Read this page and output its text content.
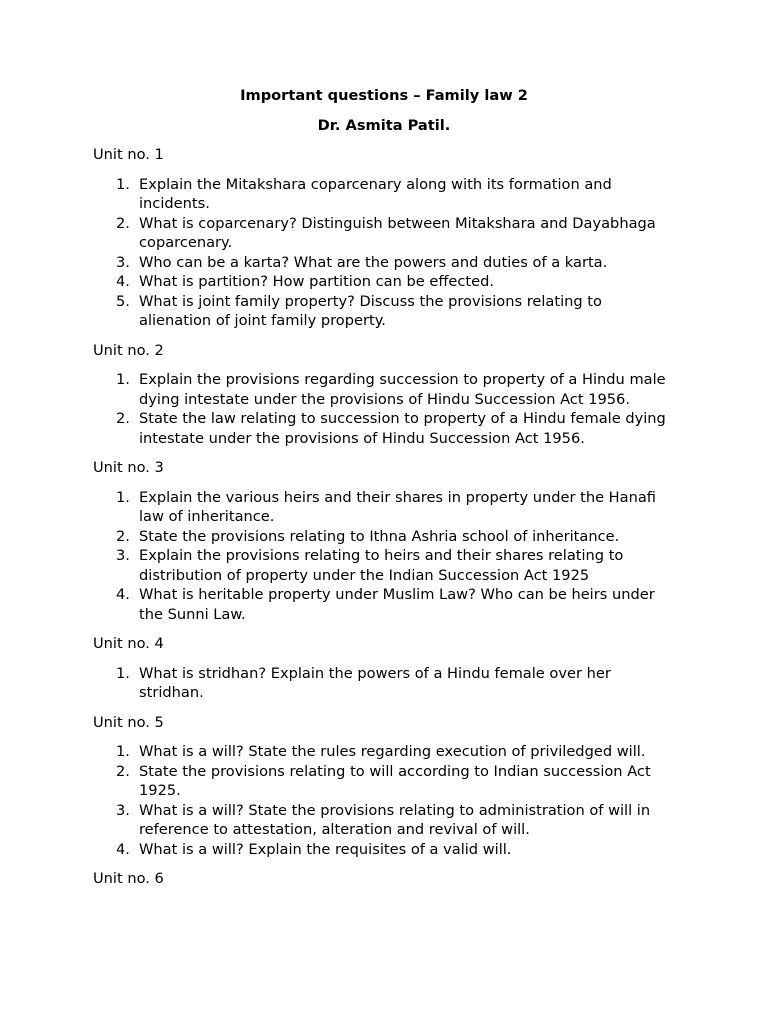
Important questions – Family law 2
Dr. Asmita Patil.
Unit no. 1
1. Explain the Mitakshara coparcenary along with its formation and incidents.
2. What is coparcenary? Distinguish between Mitakshara and Dayabhaga coparcenary.
3. Who can be a karta? What are the powers and duties of a karta.
4. What is partition? How partition can be effected.
5. What is joint family property? Discuss the provisions relating to alienation of joint family property.
Unit no. 2
1. Explain the provisions regarding succession to property of a Hindu male dying intestate under the provisions of Hindu Succession Act 1956.
2. State the law relating to succession to property of a Hindu female dying intestate under the provisions of Hindu Succession Act 1956.
Unit no. 3
1. Explain the various heirs and their shares in property under the Hanafi law of inheritance.
2. State the provisions relating to Ithna Ashria school of inheritance.
3. Explain the provisions relating to heirs and their shares relating to distribution of property under the Indian Succession Act 1925
4. What is heritable property under Muslim Law? Who can be heirs under the Sunni Law.
Unit no. 4
1. What is stridhan? Explain the powers of a Hindu female over her stridhan.
Unit no. 5
1. What is a will? State the rules regarding execution of priviledged will.
2. State the provisions relating to will according to Indian succession Act 1925.
3. What is a will? State the provisions relating to administration of will in reference to attestation, alteration and revival of will.
4. What is a will? Explain the requisites of a valid will.
Unit no. 6
